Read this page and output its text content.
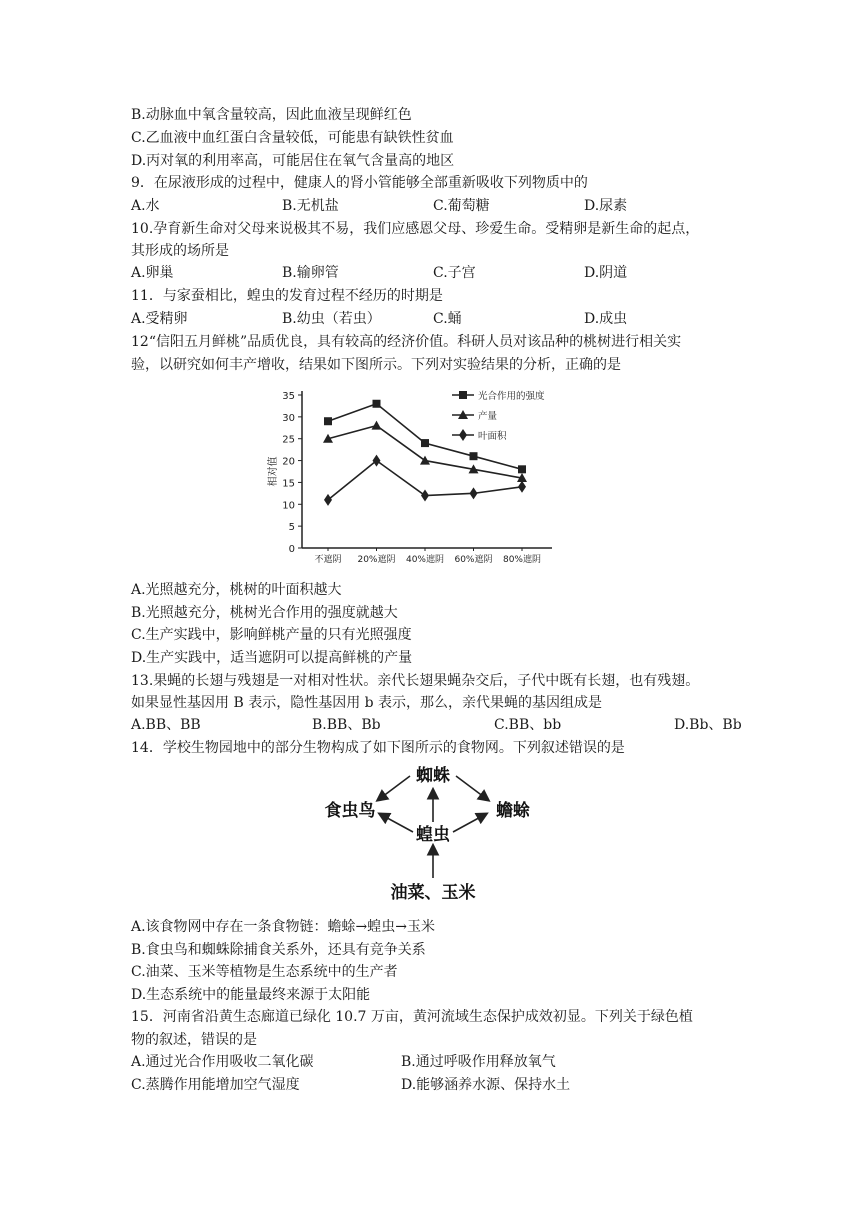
B.动脉血中氧含量较高，因此血液呈现鲜红色
C.乙血液中血红蛋白含量较低，可能患有缺铁性贫血
D.丙对氧的利用率高，可能居住在氧气含量高的地区
9．在尿液形成的过程中，健康人的肾小管能够全部重新吸收下列物质中的
A.水	B.无机盐	C.葡萄糖	D.尿素
10.孕育新生命对父母来说极其不易，我们应感恩父母、珍爱生命。受精卵是新生命的起点，
其形成的场所是
A.卵巢	B.输卵管	C.子宫	D.阴道
11．与家蚕相比，蝗虫的发育过程不经历的时期是
A.受精卵	B.幼虫（若虫）	C.蛹	D.成虫
12“信阳五月鲜桃”品质优良，具有较高的经济价值。科研人员对该品种的桃树进行相关实
验，以研究如何丰产增收，结果如下图所示。下列对实验结果的分析，正确的是
0
5
10
15
20
25
30
35
不遮阴 20%遮阴 40%遮阴 60%遮阴 80%遮阴
相对值
光合作用的强度
产量
叶面积
A.光照越充分，桃树的叶面积越大
B.光照越充分，桃树光合作用的强度就越大
C.生产实践中，影响鲜桃产量的只有光照强度
D.生产实践中，适当遮阴可以提高鲜桃的产量
13.果蝇的长翅与残翅是一对相对性状。亲代长翅果蝇杂交后，子代中既有长翅，也有残翅。
如果显性基因用 B 表示，隐性基因用 b 表示，那么，亲代果蝇的基因组成是
A.BB、BB	B.BB、Bb	C.BB、bb	D.Bb、Bb
14．学校生物园地中的部分生物构成了如下图所示的食物网。下列叙述错误的是
蜘蛛
食虫鸟	蟾蜍
蝗虫
油菜、玉米
A.该食物网中存在一条食物链：蟾蜍→蝗虫→玉米
B.食虫鸟和蜘蛛除捕食关系外，还具有竞争关系
C.油菜、玉米等植物是生态系统中的生产者
D.生态系统中的能量最终来源于太阳能
15．河南省沿黄生态廊道已绿化 10.7 万亩，黄河流域生态保护成效初显。下列关于绿色植
物的叙述，错误的是
A.通过光合作用吸收二氧化碳	B.通过呼吸作用释放氧气
C.蒸腾作用能增加空气湿度	D.能够涵养水源、保持水土
